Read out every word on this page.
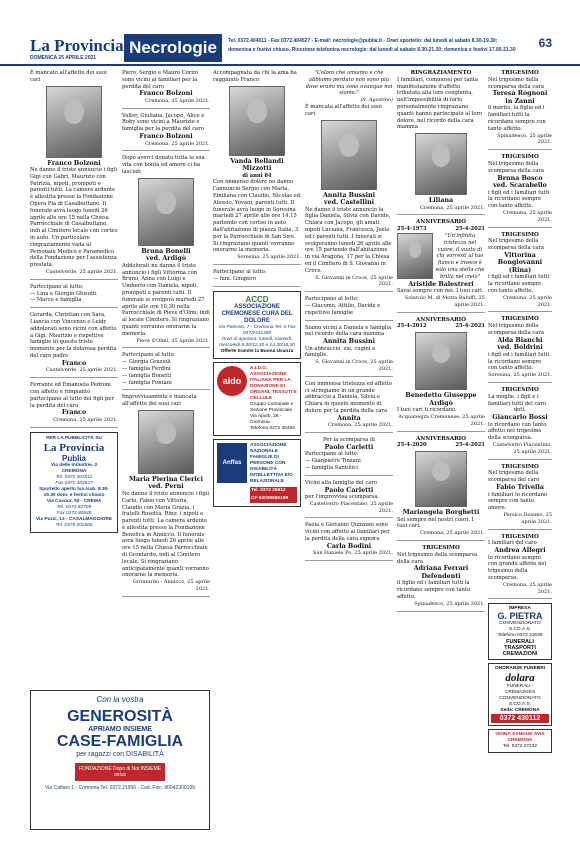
La Provincia
DOMENICA 25 APRILE 2021
Necrologie	Tel. 0372.404511 - Fax 0372.404527 - E-mail: necrologie@publia.it - Orari sportello: dal lunedì al sabato 8.30-19.30;
domenica e festivi chiuso. Ricezione telefonica necrologie: dal lunedì al sabato 8.30-21.30; domenica e festivi 17.00-21.30	63
È mancato all'affetto dei suoi cari
Franco Bolzoni
Ne danno il triste annuncio i figli Gigi con Gabri, Maurizio con Patrizia, nipoti, pronipoti e parenti tutti. La camera ardente è allestita presso la Fondazione Opera Pia di Casalbuttano. Il funerale avrà luogo lunedì 26 aprile alle ore 15 nella Chiesa Parrocchiale di Casalbuttano, indi al Cimitero locale con corteo in auto. Un particolare ringraziamento vada al Personale Medico e Paramedico della Fondazione per l'assistenza prestata.
Castelverde, 25 aprile 2021.
Partecipano al lutto:
— Lina e Giorgio Ghisotti
— Marco e famiglia
Gerarda, Christian con Sara, Liancia con Vincenzo e Leidy addolorati sono vicini con affetto a Gigi, Maurizio e rispettive famiglie in questo triste momento per la dolorosa perdita del caro padre
Franco
Castelverde, 25 aprile 2021.
Ferrante ed Emanuela Pedroni con affetto e rimpianto partecipano al lutto dei figli per la perdita del caro
Franco
Cremona, 25 aprile 2021.
PER LA PUBBLICITÀ SU
La Provincia
Publia
Via delle Industrie, 2
CREMONA
Tel. 0372 404511
Fax 0372 404527
Sportello aperto lun./sab. 8.30-19.30 dom. e festivi chiuso
Via Cavour, 53 - CREMA
Tel. 0373 82709
Fax 0373 80848
Via Pozzi, 13 - CASALMAGGIORE
Tel. 0375 202566
Piero, Sergio e Mauro Corini sono vicini ai familiari per la perdita del caro
Franco Bolzoni
Cremona, 25 aprile 2021.
Valter, Giuliana, Jacopo, Alice e Roby sono vicini a Maurizio e famiglia per la perdita del caro
Franco Bolzoni
Cremona, 25 aprile 2021.
Dopo averci donato tutta la sua vita con bontà ed amore ci ha lasciati
Bruna Bonelli
ved. Ardigò
Addolorati ne danno il triste annuncio i figli Vittorina con Bruno, Anna con Luigi e Umberto con Daniela, nipoti, pronipoti e parenti tutti. Il funerale si svolgerà martedì 27 aprile alle ore 10,30 nella Parrocchiale di Pieve d'Olmi, indi al locale Cimitero. Si ringraziano quanti vorranno onorarne la memoria.
Pieve d'Olmi, 25 aprile 2021.
Partecipano al lutto:
— Giorgia Grazioli
— famiglia Ferdini
— famiglia Bonetti
— famiglia Fontani
Improvvisamente è mancata all'affetto dei suoi cari
Maria Pierina Clerici
ved. Perni
Ne danno il triste annuncio i figli Carlo, Fabio con Vittoria, Claudio con Maria Grazia, i fratelli Rosetta, Rino, i nipoti e parenti tutti. La camera ardente è allestita presso la Fondazione Benefica in Annicco. Il funerale avrà luogo lunedì 26 aprile alle ore 15 nella Chiesa Parrocchiale di Grontardo, indi al Cimitero locale. Si ringraziano anticipatamente quanti vorranno onorarne la memoria.
Grontardo - Annicco, 25 aprile 2021.
Accompagnata da chi la ama ha raggiunto Franco
Vanda Bellandi
Mizzotti
di anni 84
Con immenso dolore ne danno l'annuncio Sergio con Maria, Emiliana con Claudio, Nicolas ed Alessio, Yovani, parenti tutti. Il funerale avrà luogo in Soresina martedì 27 aprile alle ore 14,15 partendo con corteo in auto dall'abitazione di piazza Italia, 3 per la Parrocchiale di San Siro. Si ringraziano quanti vorranno onorarne la memoria.
Soresina, 25 aprile 2021.
Partecipano al lutto:
— fam. Ginipero
ACCD
ASSOCIAZIONE CREMONESE CURA DEL DOLORE
Via Palestro, 7 - Cremona Tel. e Fax 0372/431308
Orari di apertura: lunedì, martedì, mercoledì 8,30/12,30 e 14,30/18,30
Offerte tramite la Buona Usanza
aido
A.I.D.O. ASSOCIAZIONE ITALIANA PER LA DONAZIONE DI ORGANI, TESSUTI E CELLULE
Gruppo Comunale e Sezione Provinciale
Via Aporti, 28 - Cremona
Telefono 0372 30493
Anffas
ASSOCIAZIONE NAZIONALE FAMIGLIE DI PERSONE CON DISABILITÀ INTELLETTIVA E/O RELAZIONALE
Tel. 0372 26612
CF 93039680199
"Coloro che amiamo e che abbiamo perduto non sono più dove erano ma sono ovunque noi siamo."
(S. Agostino)
È mancata all'affetto dei suoi cari
Annita Bussini
ved. Castellini
Ne danno il triste annuncio la figlia Daniela, Silvia con Davide, Chiara con Jacopo, gli amati nipoti Luciana, Francesca, Joele ed i parenti tutti. I funerali si svolgeranno lunedì 26 aprile alle ore 15 partendo dall'abitazione in via Aragona, 17 per la Chiesa ed il Cimitero di S. Giovanni in Croce.
S. Giovanni in Croce, 25 aprile 2021.
Partecipano al lutto:
— Giacomo, Attilio, Davide e rispettive famiglie
Siamo vicini a Daniela e famiglia nel ricordo della cara mamma
Annita Bussini
Un abbraccio, zie, cugini e famiglie.
S. Giovanni in Croce, 25 aprile 2021.
Con immensa tristezza ed affetto ci stringiamo in un grande abbraccio a Daniela, Silvia e Chiara in questo momento di dolore per la perdita della cara
Annita
Cremona, 25 aprile 2021.
Per la scomparsa di
Paolo Carletti
Partecipano al lutto:
— Gianpietro Tinzani
— famiglia Santolici
Vicini alla famiglia del caro
Paolo Carletti
per l'improvvisa scomparsa.
Castelvetro Piacentino, 25 aprile 2021.
Paola e Giovanni Quinzani sono vicini con affetto ai familiari per la perdita della cara signora
Carla Bodini
San Daniele Po, 25 aprile 2021.
RINGRAZIAMENTO
I familiari, commossi per tanta manifestazione d'affetto tributata alla loro congiunta, nell'impossibilità di farlo personalmente ringraziano quanti hanno partecipato al loro dolore, nel ricordo della cara mamma
Liliana
Cremona, 25 aprile 2021.
ANNIVERSARIO
25-4-1973	25-4-2021
"Un'infinita tristezza nel cuore, il vuoto di chi vorresti al tuo fianco e invece è solo una stella che brilla nel cielo"
Aristide Balestreri
Sarai sempre con noi. I tuoi cari.
Solarolo M. di Motta Baluffi, 25 aprile 2021.
ANNIVERSARIO
25-4-2012	25-4-2021
Benedetto Giuseppe Ardigò
I tuoi cari ti ricordano.
Acquanegra Cremonese, 25 aprile 2021.
ANNIVERSARIO
25-4-2020	25-4-2021
Mariangela Borghetti
Sei sempre nei nostri cuori. I tuoi cari.
Cremona, 25 aprile 2021.
TRIGESIMO
Nel trigesimo della scomparsa della cara
Adriana Ferrari
Defendenti
il figlio ed i familiari tutti la ricordano sempre con tanto affetto.
Spinadesco, 25 aprile 2021.
TRIGESIMO
Nel trigesimo della scomparsa della cara
Teresa Rognoni
in Zanni
il marito, la figlia ed i familiari tutti la ricordano sempre con tanto affetto.
Spinadesco, 25 aprile 2021.
TRIGESIMO
Nel trigesimo della scomparsa della cara
Bruna Bosco
ved. Scarabello
i figli ed i familiari tutti la ricordano sempre con tanto affetto.
Cremona, 25 aprile 2021.
TRIGESIMO
Nel trigesimo della scomparsa della cara
Vittorina Bongiovanni
(Rina)
i figli ed i familiari tutti la ricordano sempre con tanto affetto.
Cremona, 25 aprile 2021.
TRIGESIMO
Nel trigesimo della scomparsa della cara
Alda Bianchi
ved. Boldrini
i figli ed i familiari tutti la ricordano sempre con tanto affetto.
Soresina, 25 aprile 2021.
TRIGESIMO
La moglie, i figli e i familiari tutti del caro
dott.
Giancarlo Bossi
lo ricordano con tanto affetto nel trigesimo della scomparsa.
Castelvetro Piacentino, 25 aprile 2021.
TRIGESIMO
Nel trigesimo della scomparsa del caro
Fabio Trivella
i familiari lo ricordano sempre con tanto amore.
Persico Dosimo, 25 aprile 2021.
TRIGESIMO
I familiari del caro
Andrea Allegri
lo ricordano sempre con grande affetto nel trigesimo della scomparsa.
Cremona, 25 aprile 2021.
IMPRESA
G. PIETRA
CONVENZIONATO S.CO.A.S.
Telefono 0372 21639
FUNERALI TRASPORTI CREMAZIONI
ONORANZE FUNEBRI
dolara
FUNERALI - CREMAZIONI CONVENZIONATO S.CO.A.S.
Sede: CREMONA
0372 430112
ODINA SANGUE AVIS CREMONA
Tel. 0372 27232
Con la vostra
GENEROSITÀ
APRIAMO INSIEME
CASE-FAMIGLIA
per ragazzi con DISABILITÀ
FONDAZIONE Dopo di Noi INSIEME onlus
Via Cattaro 1 - Cremona Tel. 0372.21956 - Cod. Fisc. 90042300199
